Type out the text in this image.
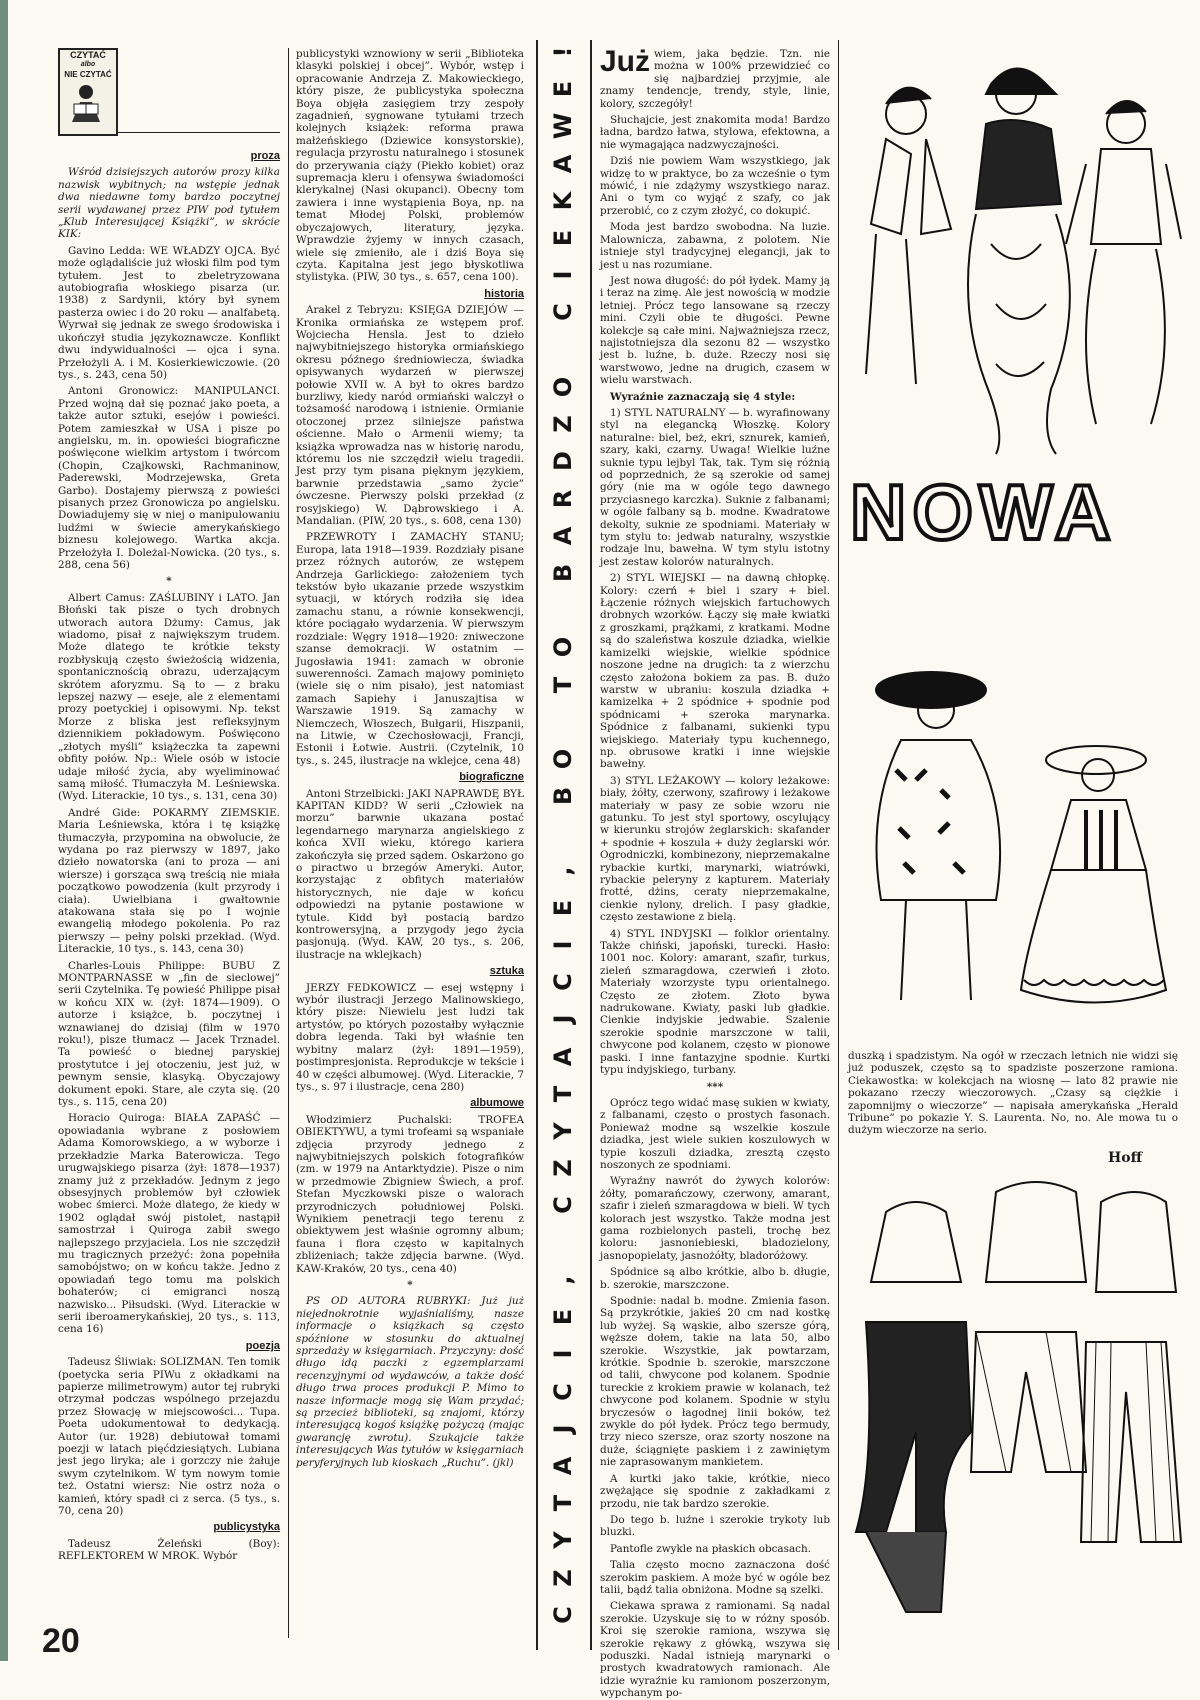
CZYTAĆ
albo
NIE CZYTAĆ

proza

Wśród dzisiejszych autorów prozy kilka nazwisk wybitnych; na wstępie jednak dwa niedawne tomy bardzo poczytnej serii wydawanej przez PIW pod tytułem „Klub Interesującej Książki”, w skrócie KIK:

Gavino Ledda: WE WŁADZY OJCA. Być może oglądaliście już włoski film pod tym tytułem. Jest to zbeletryzowana autobiografia włoskiego pisarza (ur. 1938) z Sardynii, który był synem pasterza owiec i do 20 roku — analfabetą. Wyrwał się jednak ze swego środowiska i ukończył studia językoznawcze. Konflikt dwu indywidualności — ojca i syna. Przełożyli A. i M. Kosierkiewiczowie. (20 tys., s. 243, cena 50)

Antoni Gronowicz: MANIPULANCI. Przed wojną dał się poznać jako poeta, a także autor sztuki, esejów i powieści. Potem zamieszkał w USA i pisze po angielsku, m. in. opowieści biograficzne poświęcone wielkim artystom i twórcom (Chopin, Czajkowski, Rachmaninow, Paderewski, Modrzejewska, Greta Garbo). Dostajemy pierwszą z powieści pisanych przez Gronowicza po angielsku. Dowiadujemy się w niej o manipulowaniu ludźmi w świecie amerykańskiego biznesu kolejowego. Wartka akcja. Przełożyła I. Doleżal-Nowicka. (20 tys., s. 288, cena 56)

*

Albert Camus: ZAŚLUBINY i LATO. Jan Błoński tak pisze o tych drobnych utworach autora Dżumy: Camus, jak wiadomo, pisał z największym trudem. Może dlatego te krótkie teksty rozbłyskują często świeżością widzenia, spontanicznością obrazu, uderzającym skrótem aforyzmu. Są to — z braku lepszej nazwy — eseje, ale z elementami prozy poetyckiej i opisowymi. Np. tekst Morze z bliska jest refleksyjnym dziennikiem pokładowym. Poświęcono „złotych myśli” książeczka ta zapewni obfity połów. Np.: Wiele osób w istocie udaje miłość życia, aby wyeliminować samą miłość. Tłumaczyła M. Leśniewska. (Wyd. Literackie, 10 tys., s. 131, cena 30)

André Gide: POKARMY ZIEMSKIE. Maria Leśniewska, która i tę książkę tłumaczyła, przypomina na obwolucie, że wydana po raz pierwszy w 1897, jako dzieło nowatorska (ani to proza — ani wiersze) i gorsząca swą treścią nie miała początkowo powodzenia (kult przyrody i ciała). Uwielbiana i gwałtownie atakowana stała się po I wojnie ewangelią młodego pokolenia. Po raz pierwszy — pełny polski przekład. (Wyd. Literackie, 10 tys., s. 143, cena 30)

Charles-Louis Philippe: BUBU Z MONTPARNASSE w „fin de sieclowej” serii Czytelnika. Tę powieść Philippe pisał w końcu XIX w. (żył: 1874—1909). O autorze i książce, b. poczytnej i wznawianej do dzisiaj (film w 1970 roku!), pisze tłumacz — Jacek Trznadel. Ta powieść o biednej paryskiej prostytutce i jej otoczeniu, jest już, w pewnym sensie, klasyką. Obyczajowy dokument epoki. Stare, ale czyta się. (20 tys., s. 115, cena 20)

Horacio Quiroga: BIAŁA ZAPAŚĆ — opowiadania wybrane z posłowiem Adama Komorowskiego, a w wyborze i przekładzie Marka Baterowicza. Tego urugwajskiego pisarza (żył: 1878—1937) znamy już z przekładów. Jednym z jego obsesyjnych problemów był człowiek wobec śmierci. Może dlatego, że kiedy w 1902 oglądał swój pistolet, nastąpił samostrzał i Quiroga zabił swego najlepszego przyjaciela. Los nie szczędził mu tragicznych przeżyć: żona popełniła samobójstwo; on w końcu także. Jedno z opowiadań tego tomu ma polskich bohaterów; ci emigranci noszą nazwisko... Piłsudski. (Wyd. Literackie w serii iberoamerykańskiej, 20 tys., s. 113, cena 16)

poezja

Tadeusz Śliwiak: SOLIZMAN. Ten tomik (poetycka seria PIWu z okładkami na papierze milimetrowym) autor tej rubryki otrzymał podczas wspólnego przejazdu przez Słowację w miejscowości... Tupa. Poeta udokumentował to dedykacją. Autor (ur. 1928) debiutował tomami poezji w latach pięćdziesiątych. Lubiana jest jego liryka; ale i gorzczy nie żałuje swym czytelnikom. W tym nowym tomie też. Ostatni wiersz: Nie ostrz noża o kamień, który spadł ci z serca. (5 tys., s. 70, cena 20)

publicystyka

Tadeusz Żeleński (Boy): REFLEKTOREM W MROK. Wybór

publicystyki wznowiony w serii „Biblioteka klasyki polskiej i obcej”. Wybór, wstęp i opracowanie Andrzeja Z. Makowieckiego, który pisze, że publicystyka społeczna Boya objęła zasięgiem trzy zespoły zagadnień, sygnowane tytułami trzech kolejnych książek: reforma prawa małżeńskiego (Dziewice konsystorskie), regulacja przyrostu naturalnego i stosunek do przerywania ciąży (Piekło kobiet) oraz supremacja kleru i ofensywa świadomości klerykalnej (Nasi okupanci). Obecny tom zawiera i inne wystąpienia Boya, np. na temat Młodej Polski, problemów obyczajowych, literatury, języka. Wprawdzie żyjemy w innych czasach, wiele się zmieniło, ale i dziś Boya się czyta. Kapitalna jest jego błyskotliwa stylistyka. (PIW, 30 tys., s. 657, cena 100).

historia

Arakel z Tebryzu: KSIĘGA DZIEJÓW — Kronika ormiańska ze wstępem prof. Wojciecha Hensla. Jest to dzieło najwybitniejszego historyka ormiańskiego okresu późnego średniowiecza, świadka opisywanych wydarzeń w pierwszej połowie XVII w. A był to okres bardzo burzliwy, kiedy naród ormiański walczył o tożsamość narodową i istnienie. Ormianie otoczonej przez silniejsze państwa ościenne. Mało o Armenii wiemy; ta książka wprowadza nas w historię narodu, któremu los nie szczędził wielu tragedii. Jest przy tym pisana pięknym językiem, barwnie przedstawia „samo życie” ówczesne. Pierwszy polski przekład (z rosyjskiego) W. Dąbrowskiego i A. Mandalian. (PIW, 20 tys., s. 608, cena 130)

PRZEWROTY I ZAMACHY STANU; Europa, lata 1918—1939. Rozdziały pisane przez różnych autorów, ze wstępem Andrzeja Garlickiego: założeniem tych tekstów było ukazanie przede wszystkim sytuacji, w których rodziła się idea zamachu stanu, a równie konsekwencji, które pociągało wydarzenia. W pierwszym rozdziale: Węgry 1918—1920: zniweczone szanse demokracji. W ostatnim — Jugosławia 1941: zamach w obronie suwerenności. Zamach majowy pominięto (wiele się o nim pisało), jest natomiast zamach Sapiehy i Januszajtisa w Warszawie 1919. Są zamachy w Niemczech, Włoszech, Bułgarii, Hiszpanii, na Litwie, w Czechosłowacji, Francji, Estonii i Łotwie. Austrii. (Czytelnik, 10 tys., s. 245, ilustracje na wklejce, cena 48)

biograficzne

Antoni Strzelbicki: JAKI NAPRAWDĘ BYŁ KAPITAN KIDD? W serii „Człowiek na morzu” barwnie ukazana postać legendarnego marynarza angielskiego z końca XVII wieku, którego kariera zakończyła się przed sądem. Oskarżono go o piractwo u brzegów Ameryki. Autor, korzystając z obfitych materiałów historycznych, nie daje w końcu odpowiedzi na pytanie postawione w tytule. Kidd był postacią bardzo kontrowersyjną, a przygody jego życia pasjonują. (Wyd. KAW, 20 tys., s. 206, ilustracje na wklejkach)

sztuka

JERZY FEDKOWICZ — esej wstępny i wybór ilustracji Jerzego Malinowskiego, który pisze: Niewielu jest ludzi tak artystów, po których pozostałby wyłącznie dobra legenda. Taki był właśnie ten wybitny malarz (żył: 1891—1959), postimpresjonista. Reprodukcje w tekście i 40 w części albumowej. (Wyd. Literackie, 7 tys., s. 97 i ilustracje, cena 280)

albumowe

Włodzimierz Puchalski: TROFEA OBIEKTYWU, a tymi trofeami są wspaniałe zdjęcia przyrody jednego z najwybitniejszych polskich fotografików (zm. w 1979 na Antarktydzie). Pisze o nim w przedmowie Zbigniew Świech, a prof. Stefan Myczkowski pisze o walorach przyrodniczych południowej Polski. Wynikiem penetracji tego terenu z obiektywem jest właśnie ogromny album; fauna i flora często w kapitalnych zbliżeniach; także zdjęcia barwne. (Wyd. KAW-Kraków, 20 tys., cena 40)

*

PS OD AUTORA RUBRYKI: Już już niejednokrotnie wyjaśnialiśmy, nasze informacje o książkach są często spóźnione w stosunku do aktualnej sprzedaży w księgarniach. Przyczyny: dość długo idą paczki z egzemplarzami recenzyjnymi od wydawców, a także dość długo trwa proces produkcji P. Mimo to nasze informacje mogą się Wam przydać; są przecież biblioteki, są znajomi, którzy interesującą kogoś książkę pożyczą (mając gwarancję zwrotu). Szukajcie także interesujących Was tytułów w księgarniach peryferyjnych lub kioskach „Ruchu”. (jkl)

C
Z
Y
T
A
J
C
I
E
,
C
Z
Y
T
A
J
C
I
E
,
B
O
T
O
B
A
R
D
Z
O
C
I
E
K
A
W
E
! Już wiem, jaka będzie. Tzn. nie można w 100% przewidzieć co się najbardziej przyjmie, ale znamy tendencje, trendy, style, linie, kolory, szczegóły!

Słuchajcie, jest znakomita moda! Bardzo ładna, bardzo łatwa, stylowa, efektowna, a nie wymagająca nadzwyczajności.

Dziś nie powiem Wam wszystkiego, jak widzę to w praktyce, bo za wcześnie o tym mówić, i nie zdążymy wszystkiego naraz. Ani o tym co wyjąć z szafy, co jak przerobić, co z czym złożyć, co dokupić.

Moda jest bardzo swobodna. Na luzie. Malownicza, zabawna, z polotem. Nie istnieje styl tradycyjnej elegancji, jak to jest u nas rozumiane.

Jest nowa długość: do pół łydek. Mamy ją i teraz na zimę. Ale jest nowością w modzie letniej. Prócz tego lansowane są rzeczy mini. Czyli obie te długości. Pewne kolekcje są całe mini. Najważniejsza rzecz, najistotniejsza dla sezonu 82 — wszystko jest b. luźne, b. duże. Rzeczy nosi się warstwowo, jedne na drugich, czasem w wielu warstwach.

Wyraźnie zaznaczają się 4 style:

1) STYL NATURALNY — b. wyrafinowany styl na elegancką Włoszkę. Kolory naturalne: biel, beż, ekri, sznurek, kamień, szary, kaki, czarny. Uwaga! Wielkie luźne suknie typu lejbyl Tak, tak. Tym się różnią od poprzednich, że są szerokie od samej góry (nie ma w ogóle tego dawnego przyciasnego karczka). Suknie z falbanami; w ogóle falbany są b. modne. Kwadratowe dekolty, suknie ze spodniami. Materiały w tym stylu to: jedwab naturalny, wszystkie rodzaje lnu, bawełna. W tym stylu istotny jest zestaw kolorów naturalnych.

2) STYL WIEJSKI — na dawną chłopkę. Kolory: czerń + biel i szary + biel. Łączenie różnych wiejskich fartuchowych drobnych wzorków. Łączy się małe kwiatki z groszkami, prążkami, z kratkami. Modne są do szaleństwa koszule dziadka, wielkie kamizelki wiejskie, wielkie spódnice noszone jedne na drugich: ta z wierzchu często założona bokiem za pas. B. dużo warstw w ubraniu: koszula dziadka + kamizelka + 2 spódnice + spodnie pod spódnicami + szeroka marynarka. Spódnice z falbanami, sukienki typu wiejskiego. Materiały typu kuchennego, np. obrusowe kratki i inne wiejskie bawełny.

3) STYL LEŻAKOWY — kolory leżakowe: biały, żółty, czerwony, szafirowy i leżakowe materiały w pasy ze sobie wzoru nie gatunku. To jest styl sportowy, oscylujący w kierunku strojów żeglarskich: skafander + spodnie + koszula + duży żeglarski wór. Ogrodniczki, kombinezony, nieprzemakalne rybackie kurtki, marynarki, wiatrówki, rybackie peleryny z kapturem. Materiały frotté, dżins, ceraty nieprzemakalne, cienkie nylony, drelich. I pasy gładkie, często zestawione z bielą.

4) STYL INDYJSKI — folklor orientalny. Także chiński, japoński, turecki. Hasło: 1001 noc. Kolory: amarant, szafir, turkus, zieleń szmaragdowa, czerwień i złoto. Materiały wzorzyste typu orientalnego. Często ze złotem. Złoto bywa nadrukowane. Kwiaty, paski lub gładkie. Cienkie indyjskie jedwabie. Szalenie szerokie spodnie marszczone w talii, chwycone pod kolanem, często w pionowe paski. I inne fantazyjne spodnie. Kurtki typu indyjskiego, turbany.

***

Oprócz tego widać masę sukien w kwiaty, z falbanami, często o prostych fasonach. Ponieważ modne są wszelkie koszule dziadka, jest wiele sukien koszulowych w typie koszuli dziadka, zresztą często noszonych ze spodniami.

Wyraźny nawrót do żywych kolorów: żółty, pomarańczowy, czerwony, amarant, szafir i zieleń szmaragdowa w bieli. W tych kolorach jest wszystko. Także modna jest gama rozbielonych pasteli, trochę bez koloru: jasnoniebieski, bladozielony, jasnopopielaty, jasnożółty, bladoróżowy.

Spódnice są albo krótkie, albo b. długie, b. szerokie, marszczone.

Spodnie: nadal b. modne. Zmienia fason. Są przykrótkie, jakieś 20 cm nad kostkę lub wyżej. Są wąskie, albo szersze górą, węższe dołem, takie na lata 50, albo szerokie. Wszystkie, jak powtarzam, krótkie. Spodnie b. szerokie, marszczone od talii, chwycone pod kolanem. Spodnie tureckie z krokiem prawie w kolanach, też chwycone pod kolanem. Spodnie w stylu bryczesów o łagodnej linii boków, też zwykle do pół łydek. Prócz tego bermudy, trzy nieco szersze, oraz szorty noszone na duże, ściągnięte paskiem i z zawiniętym nie zaprasowanym mankietem.

A kurtki jako takie, krótkie, nieco zwężające się spodnie z zakładkami z przodu, nie tak bardzo szerokie.

Do tego b. luźne i szerokie trykoty lub bluzki.

Pantofle zwykle na płaskich obcasach.

Talia często mocno zaznaczona dość szerokim paskiem. A może być w ogóle bez talii, bądź talia obniżona. Modne są szelki.

Ciekawa sprawa z ramionami. Są nadal szerokie. Uzyskuje się to w różny sposób. Kroi się szerokie ramiona, wszywa się szerokie rękawy z główką, wszywa się poduszki. Nadal istnieją marynarki o prostych kwadratowych ramionach. Ale idzie wyraźnie ku ramionom poszerzonym, wypchanym po-

NOWA

duszką i spadzistym. Na ogół w rzeczach letnich nie widzi się już poduszek, często są to spadziste poszerzone ramiona. Ciekawostka: w kolekcjach na wiosnę — lato 82 prawie nie pokazano rzeczy wieczorowych. „Czasy są ciężkie i zapomnijmy o wieczorze” — napisała amerykańska „Herald Tribune” po pokazie Y. S. Laurenta. No, no. Ale mowa tu o dużym wieczorze na serio.

Hoff
20
